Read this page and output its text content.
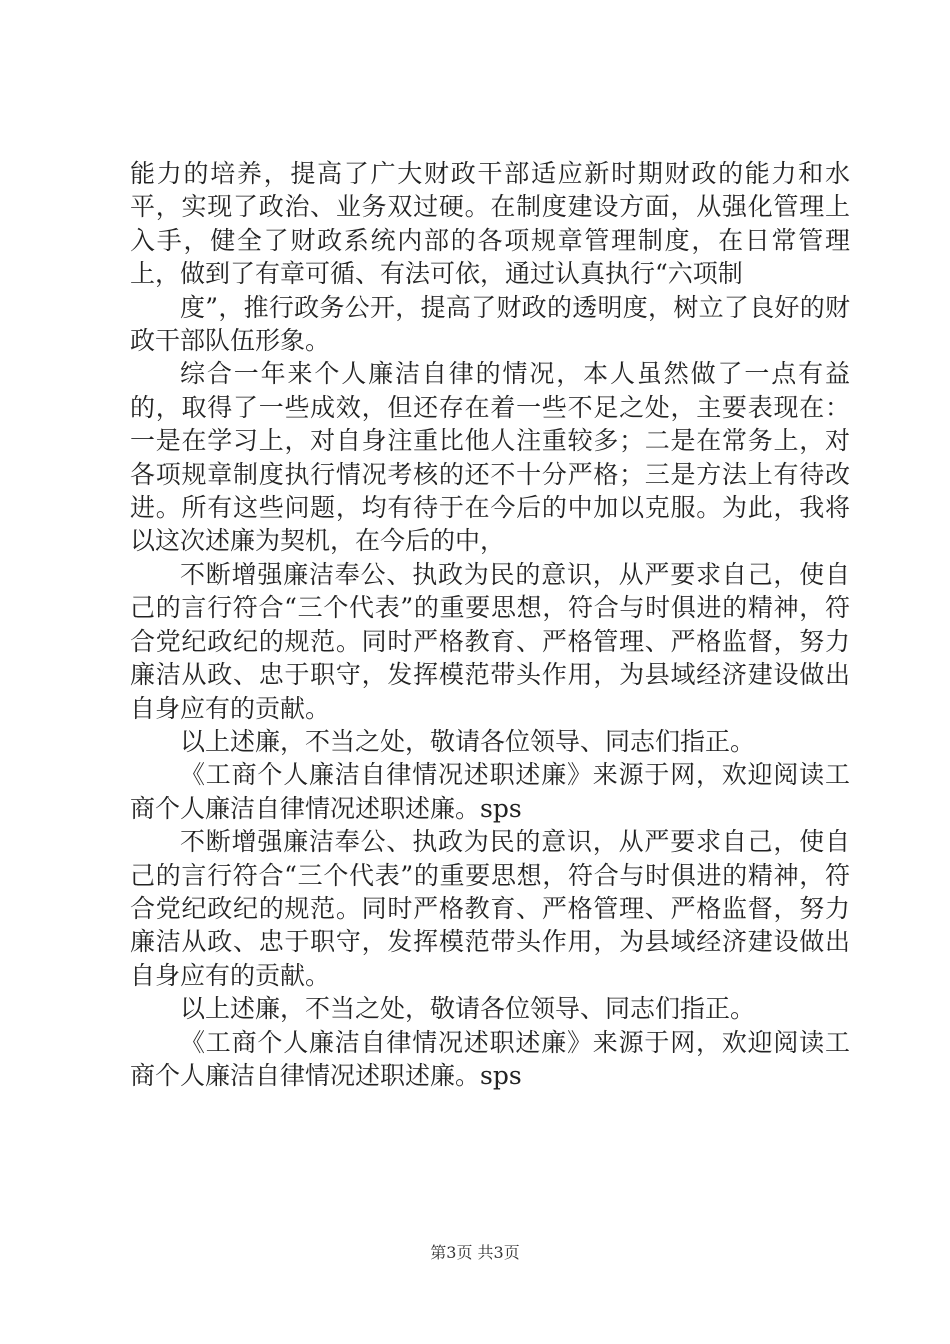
能力的培养，提高了广大财政干部适应新时期财政的能力和水平，实现了政治、业务双过硬。在制度建设方面，从强化管理上入手，健全了财政系统内部的各项规章管理制度，在日常管理上，做到了有章可循、有法可依，通过认真执行“六项制

度”，推行政务公开，提高了财政的透明度，树立了良好的财政干部队伍形象。

综合一年来个人廉洁自律的情况，本人虽然做了一点有益的，取得了一些成效，但还存在着一些不足之处，主要表现在：一是在学习上，对自身注重比他人注重较多；二是在常务上，对各项规章制度执行情况考核的还不十分严格；三是方法上有待改进。所有这些问题，均有待于在今后的中加以克服。为此，我将以这次述廉为契机，在今后的中，

不断增强廉洁奉公、执政为民的意识，从严要求自己，使自己的言行符合“三个代表”的重要思想，符合与时俱进的精神，符合党纪政纪的规范。同时严格教育、严格管理、严格监督，努力廉洁从政、忠于职守，发挥模范带头作用，为县域经济建设做出自身应有的贡献。

以上述廉，不当之处，敬请各位领导、同志们指正。

《工商个人廉洁自律情况述职述廉》来源于网，欢迎阅读工商个人廉洁自律情况述职述廉。sps

不断增强廉洁奉公、执政为民的意识，从严要求自己，使自己的言行符合“三个代表”的重要思想，符合与时俱进的精神，符合党纪政纪的规范。同时严格教育、严格管理、严格监督，努力廉洁从政、忠于职守，发挥模范带头作用，为县域经济建设做出自身应有的贡献。

以上述廉，不当之处，敬请各位领导、同志们指正。

《工商个人廉洁自律情况述职述廉》来源于网，欢迎阅读工商个人廉洁自律情况述职述廉。sps

第3页 共3页
